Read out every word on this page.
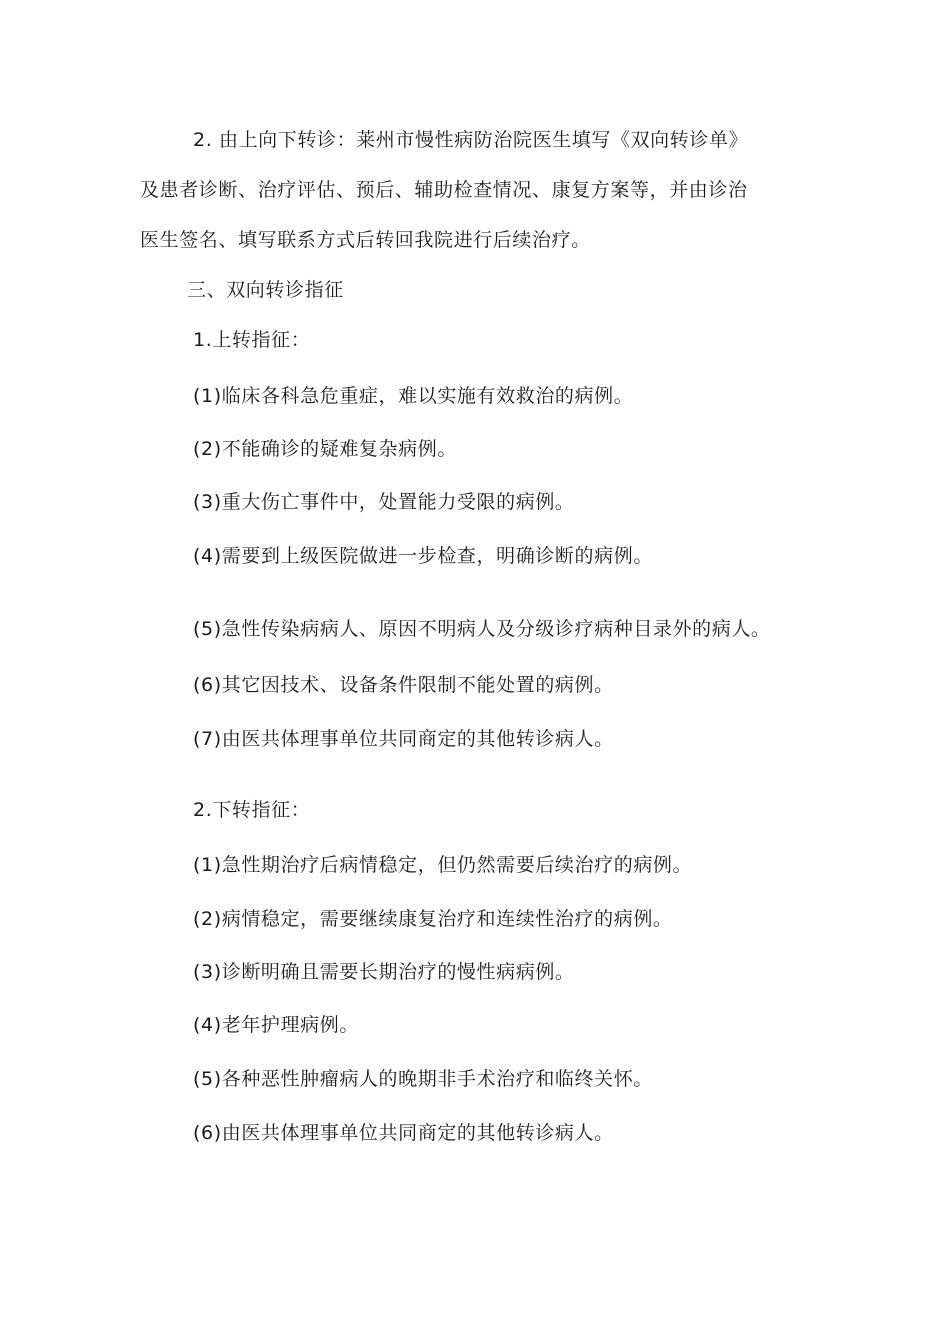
2. 由上向下转诊：莱州市慢性病防治院医生填写《双向转诊单》
及患者诊断、治疗评估、预后、辅助检查情况、康复方案等，并由诊治
医生签名、填写联系方式后转回我院进行后续治疗。
三、双向转诊指征
1.上转指征：
(1)临床各科急危重症，难以实施有效救治的病例。
(2)不能确诊的疑难复杂病例。
(3)重大伤亡事件中，处置能力受限的病例。
(4)需要到上级医院做进一步检查，明确诊断的病例。
(5)急性传染病病人、原因不明病人及分级诊疗病种目录外的病人。
(6)其它因技术、设备条件限制不能处置的病例。
(7)由医共体理事单位共同商定的其他转诊病人。
2.下转指征：
(1)急性期治疗后病情稳定，但仍然需要后续治疗的病例。
(2)病情稳定，需要继续康复治疗和连续性治疗的病例。
(3)诊断明确且需要长期治疗的慢性病病例。
(4)老年护理病例。
(5)各种恶性肿瘤病人的晚期非手术治疗和临终关怀。
(6)由医共体理事单位共同商定的其他转诊病人。
